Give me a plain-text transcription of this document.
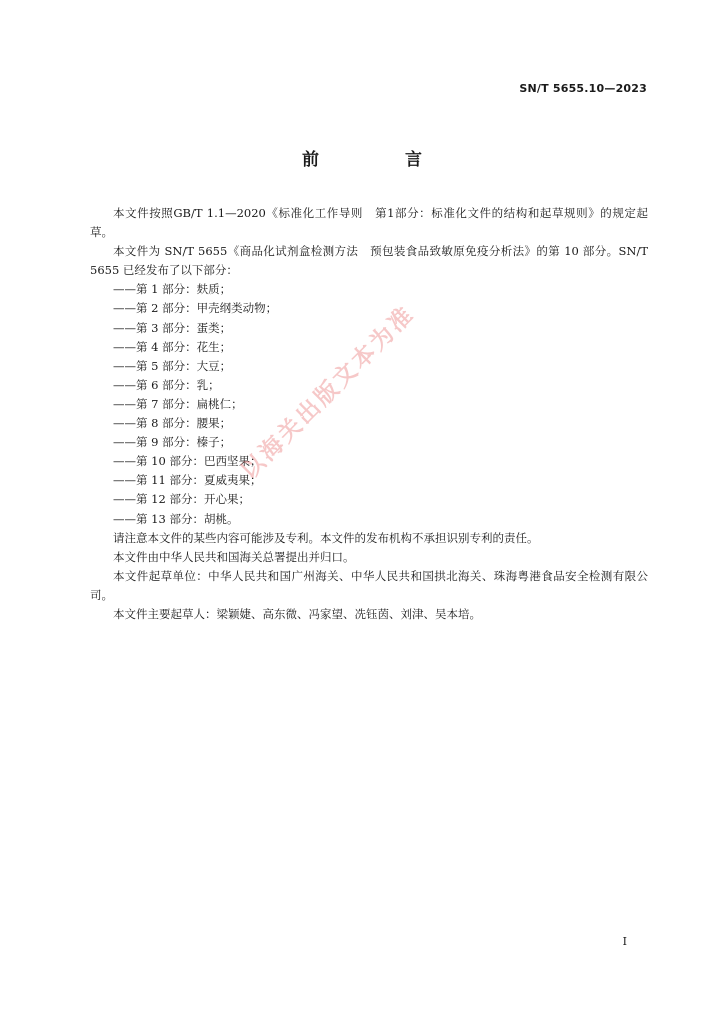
SN/T 5655.10—2023
前 言

本文件按照GB/T 1.1—2020《标准化工作导则　第1部分：标准化文件的结构和起草规则》的规定起草。

本文件为 SN/T 5655《商品化试剂盒检测方法　预包装食品致敏原免疫分析法》的第 10 部分。SN/T 5655 已经发布了以下部分：

——第 1 部分：麸质；

——第 2 部分：甲壳纲类动物；

——第 3 部分：蛋类；

——第 4 部分：花生；

——第 5 部分：大豆；

——第 6 部分：乳；

——第 7 部分：扁桃仁；

——第 8 部分：腰果；

——第 9 部分：榛子；

——第 10 部分：巴西坚果；

——第 11 部分：夏威夷果；

——第 12 部分：开心果；

——第 13 部分：胡桃。

请注意本文件的某些内容可能涉及专利。本文件的发布机构不承担识别专利的责任。

本文件由中华人民共和国海关总署提出并归口。

本文件起草单位：中华人民共和国广州海关、中华人民共和国拱北海关、珠海粤港食品安全检测有限公司。

本文件主要起草人：梁颖婕、高东微、冯家望、冼钰茵、刘津、吴本培。

以海关出版文本为准
I
